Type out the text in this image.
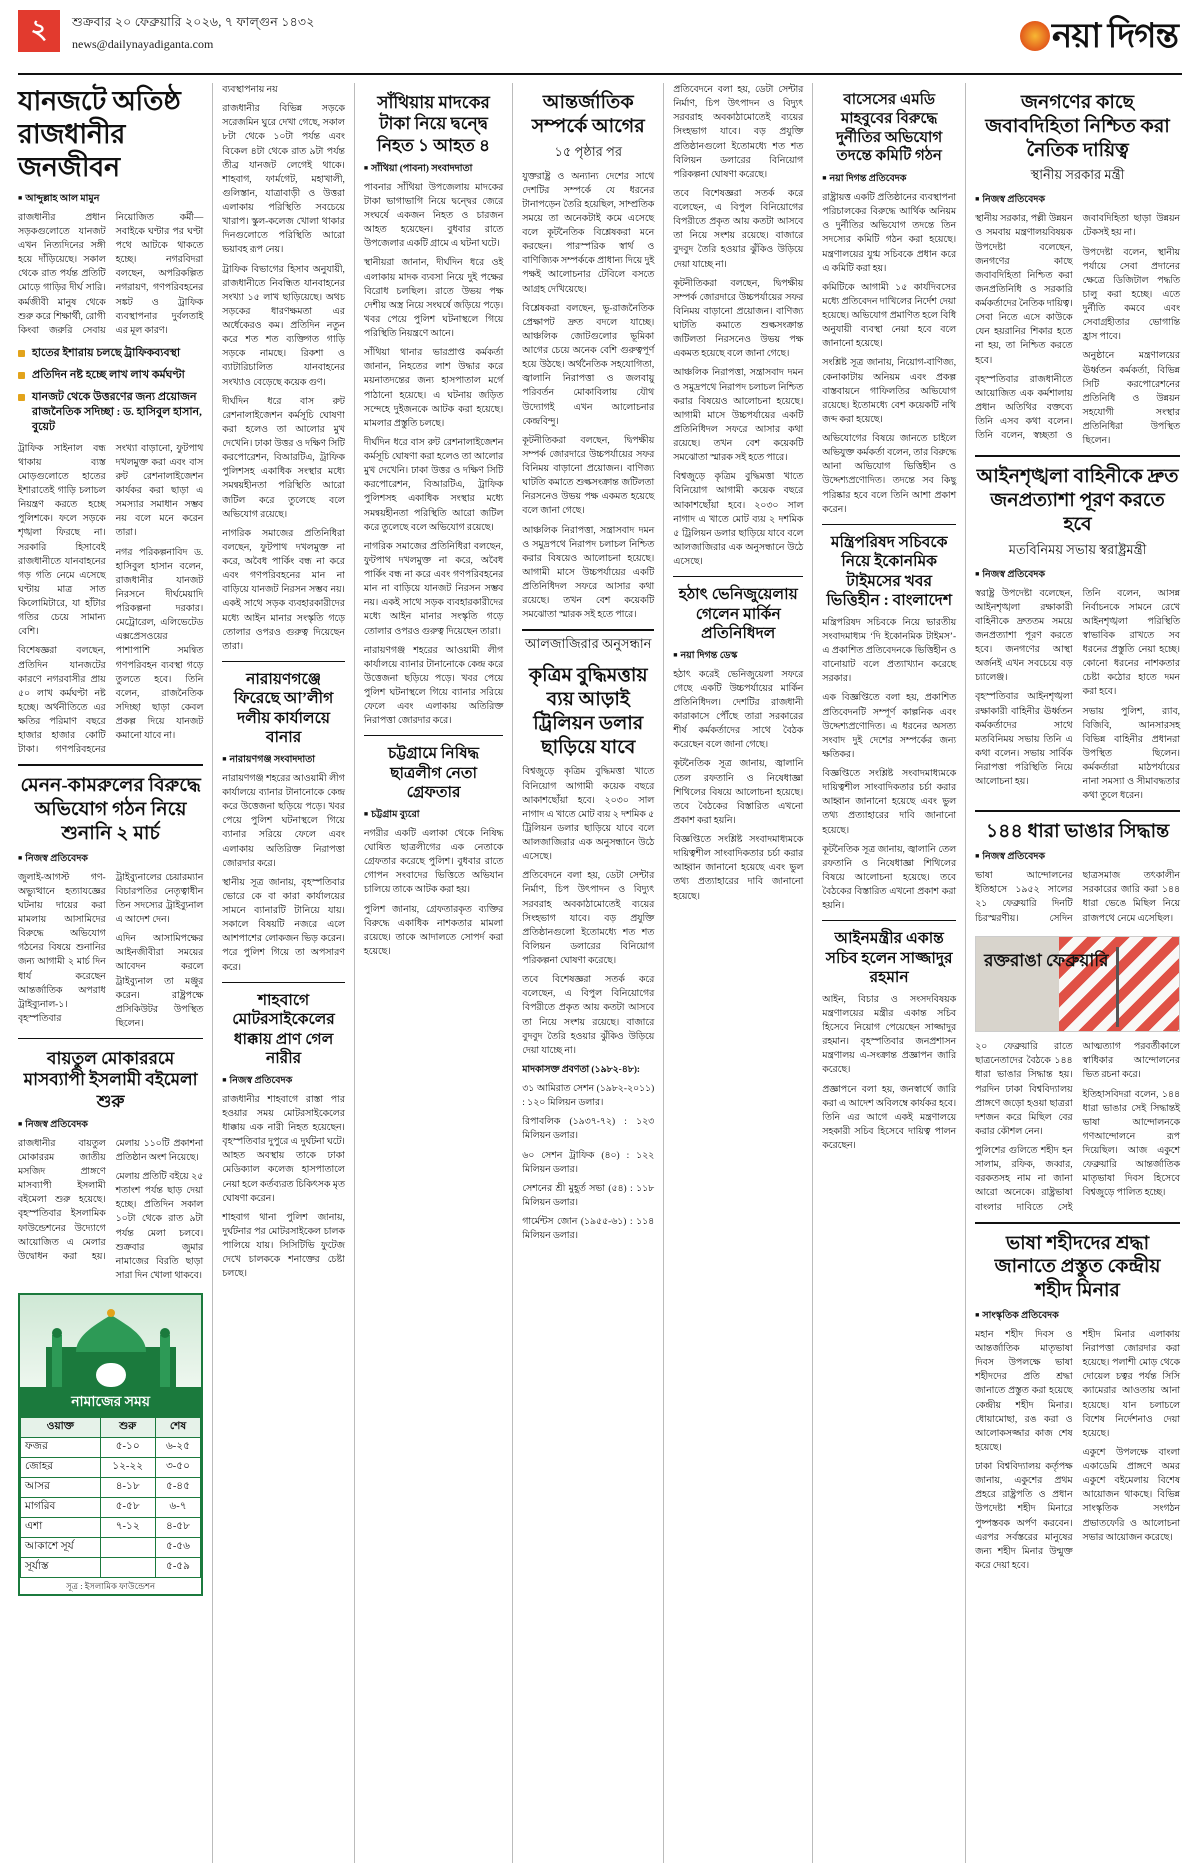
২	শুক্রবার ২০ ফেব্রুয়ারি ২০২৬, ৭ ফাল্গুন ১৪৩২
news@dailynayadiganta.com	নয়া দিগন্ত
যানজটে অতিষ্ঠ রাজধানীর জনজীবন
■ আব্দুল্লাহ আল মামুন

রাজধানীর প্রধান সড়কগুলোতে যানজট এখন নিত্যদিনের সঙ্গী হয়ে দাঁড়িয়েছে। সকাল থেকে রাত পর্যন্ত প্রতিটি মোড়ে গাড়ির দীর্ঘ সারি। কর্মজীবী মানুষ থেকে শুরু করে শিক্ষার্থী, রোগী কিংবা জরুরি সেবায় নিয়োজিত কর্মী—সবাইকে ঘণ্টার পর ঘণ্টা পথে আটকে থাকতে হচ্ছে। নগরবিদরা বলছেন, অপরিকল্পিত নগরায়ণ, গণপরিবহনের সঙ্কট ও ট্রাফিক ব্যবস্থাপনার দুর্বলতাই এর মূল কারণ।

হাতের ইশারায় চলছে ট্রাফিকব্যবস্থা
প্রতিদিন নষ্ট হচ্ছে লাখ লাখ কর্মঘণ্টা
যানজট থেকে উত্তরণের জন্য প্রয়োজন রাজনৈতিক সদিচ্ছা : ড. হাসিবুল হাসান, বুয়েট

ট্রাফিক সাইনাল বন্ধ থাকায় ব্যস্ত মোড়গুলোতে হাতের ইশারাতেই গাড়ি চলাচল নিয়ন্ত্রণ করতে হচ্ছে পুলিশকে। ফলে সড়কে শৃঙ্খলা ফিরছে না। সরকারি হিসাবেই রাজধানীতে যানবাহনের গড় গতি নেমে এসেছে ঘণ্টায় মাত্র সাত কিলোমিটারে, যা হাঁটার গতির চেয়ে সামান্য বেশি।

বিশেষজ্ঞরা বলছেন, প্রতিদিন যানজটের কারণে নগরবাসীর প্রায় ৫০ লাখ কর্মঘণ্টা নষ্ট হচ্ছে। অর্থনীতিতে এর ক্ষতির পরিমাণ বছরে হাজার হাজার কোটি টাকা। গণপরিবহনের সংখ্যা বাড়ানো, ফুটপাথ দখলমুক্ত করা এবং বাস রুট রেশনালাইজেশন কার্যকর করা ছাড়া এ সমস্যার সমাধান সম্ভব নয় বলে মনে করেন তারা।

নগর পরিকল্পনাবিদ ড. হাসিবুল হাসান বলেন, রাজধানীর যানজট নিরসনে দীর্ঘমেয়াদি পরিকল্পনা দরকার। মেট্রোরেল, এলিভেটেড এক্সপ্রেসওয়ের পাশাপাশি সমন্বিত গণপরিবহন ব্যবস্থা গড়ে তুলতে হবে। তিনি বলেন, রাজনৈতিক সদিচ্ছা ছাড়া কেবল প্রকল্প দিয়ে যানজট কমানো যাবে না।

মেনন-কামরুলের বিরুদ্ধে অভিযোগ গঠন নিয়ে শুনানি ২ মার্চ
■ নিজস্ব প্রতিবেদক

জুলাই-আগস্ট গণ-অভ্যুত্থানে হত্যাযজ্ঞের ঘটনায় দায়ের করা মামলায় আসামিদের বিরুদ্ধে অভিযোগ গঠনের বিষয়ে শুনানির জন্য আগামী ২ মার্চ দিন ধার্য করেছেন আন্তর্জাতিক অপরাধ ট্রাইব্যুনাল-১। বৃহস্পতিবার ট্রাইব্যুনালের চেয়ারম্যান বিচারপতির নেতৃত্বাধীন তিন সদস্যের ট্রাইব্যুনাল এ আদেশ দেন।

এদিন আসামিপক্ষের আইনজীবীরা সময়ের আবেদন করলে ট্রাইব্যুনাল তা মঞ্জুর করেন। রাষ্ট্রপক্ষে প্রসিকিউটর উপস্থিত ছিলেন।

বায়তুল মোকাররমে মাসব্যাপী ইসলামী বইমেলা শুরু
■ নিজস্ব প্রতিবেদক

রাজধানীর বায়তুল মোকাররম জাতীয় মসজিদ প্রাঙ্গণে মাসব্যাপী ইসলামী বইমেলা শুরু হয়েছে। বৃহস্পতিবার ইসলামিক ফাউন্ডেশনের উদ্যোগে আয়োজিত এ মেলার উদ্বোধন করা হয়। মেলায় ১১০টি প্রকাশনা প্রতিষ্ঠান অংশ নিয়েছে।

মেলায় প্রতিটি বইয়ে ২৫ শতাংশ পর্যন্ত ছাড় দেয়া হচ্ছে। প্রতিদিন সকাল ১০টা থেকে রাত ৯টা পর্যন্ত মেলা চলবে। শুক্রবার জুমার নামাজের বিরতি ছাড়া সারা দিন খোলা থাকবে।

নামাজের সময়
ওয়াক্ত	শুরু	শেষ
ফজর	৫-১০	৬-২৫
জোহর	১২-২২	৩-৫০
আসর	৪-১৮	৫-৪৫
মাগরিব	৫-৫৮	৬-৭
এশা	৭-১২	৪-৫৮
আকাশে সূর্য		৫-৫৬
সূর্যাস্ত		৫-৫৯
সূত্র : ইসলামিক ফাউন্ডেশন

ব্যবস্থাপনায় নয়

রাজধানীর বিভিন্ন সড়কে সরেজমিন ঘুরে দেখা গেছে, সকাল ৮টা থেকে ১০টা পর্যন্ত এবং বিকেল ৪টা থেকে রাত ৯টা পর্যন্ত তীব্র যানজট লেগেই থাকে। শাহবাগ, ফার্মগেট, মহাখালী, গুলিস্তান, যাত্রাবাড়ী ও উত্তরা এলাকায় পরিস্থিতি সবচেয়ে খারাপ। স্কুল-কলেজ খোলা থাকার দিনগুলোতে পরিস্থিতি আরো ভয়াবহ রূপ নেয়।

ট্রাফিক বিভাগের হিসাব অনুযায়ী, রাজধানীতে নিবন্ধিত যানবাহনের সংখ্যা ১৫ লাখ ছাড়িয়েছে। অথচ সড়কের ধারণক্ষমতা এর অর্ধেকেরও কম। প্রতিদিন নতুন করে শত শত ব্যক্তিগত গাড়ি সড়কে নামছে। রিকশা ও ব্যাটারিচালিত যানবাহনের সংখ্যাও বেড়েছে কয়েক গুণ।

দীর্ঘদিন ধরে বাস রুট রেশনালাইজেশন কর্মসূচি ঘোষণা করা হলেও তা আলোর মুখ দেখেনি। ঢাকা উত্তর ও দক্ষিণ সিটি করপোরেশন, বিআরটিএ, ট্রাফিক পুলিশসহ একাধিক সংস্থার মধ্যে সমন্বয়হীনতা পরিস্থিতি আরো জটিল করে তুলেছে বলে অভিযোগ রয়েছে।

নাগরিক সমাজের প্রতিনিধিরা বলছেন, ফুটপাথ দখলমুক্ত না করে, অবৈধ পার্কিং বন্ধ না করে এবং গণপরিবহনের মান না বাড়িয়ে যানজট নিরসন সম্ভব নয়। একই সাথে সড়ক ব্যবহারকারীদের মধ্যে আইন মানার সংস্কৃতি গড়ে তোলার ওপরও গুরুত্ব দিয়েছেন তারা।

নারায়ণগঞ্জে ফিরেছে আ’লীগ দলীয় কার্যালয়ে বানার
■ নারায়ণগঞ্জ সংবাদদাতা

নারায়ণগঞ্জ শহরের আওয়ামী লীগ কার্যালয়ে ব্যানার টানানোকে কেন্দ্র করে উত্তেজনা ছড়িয়ে পড়ে। খবর পেয়ে পুলিশ ঘটনাস্থলে গিয়ে ব্যানার সরিয়ে ফেলে এবং এলাকায় অতিরিক্ত নিরাপত্তা জোরদার করে।

স্থানীয় সূত্র জানায়, বৃহস্পতিবার ভোরে কে বা কারা কার্যালয়ের সামনে ব্যানারটি টানিয়ে যায়। সকালে বিষয়টি নজরে এলে আশপাশের লোকজন ভিড় করেন। পরে পুলিশ গিয়ে তা অপসারণ করে।

শাহবাগে মোটরসাইকেলের ধাক্কায় প্রাণ গেল নারীর
■ নিজস্ব প্রতিবেদক

রাজধানীর শাহবাগে রাস্তা পার হওয়ার সময় মোটরসাইকেলের ধাক্কায় এক নারী নিহত হয়েছেন। বৃহস্পতিবার দুপুরে এ দুর্ঘটনা ঘটে। আহত অবস্থায় তাকে ঢাকা মেডিক্যাল কলেজ হাসপাতালে নেয়া হলে কর্তব্যরত চিকিৎসক মৃত ঘোষণা করেন।

শাহবাগ থানা পুলিশ জানায়, দুর্ঘটনার পর মোটরসাইকেল চালক পালিয়ে যায়। সিসিটিভি ফুটেজ দেখে চালককে শনাক্তের চেষ্টা চলছে।

সাঁথিয়ায় মাদকের টাকা নিয়ে দ্বন্দ্বে নিহত ১ আহত ৪
■ সাঁথিয়া (পাবনা) সংবাদদাতা

পাবনার সাঁথিয়া উপজেলায় মাদকের টাকা ভাগাভাগি নিয়ে দ্বন্দ্বের জেরে সংঘর্ষে একজন নিহত ও চারজন আহত হয়েছেন। বুধবার রাতে উপজেলার একটি গ্রামে এ ঘটনা ঘটে।

স্থানীয়রা জানান, দীর্ঘদিন ধরে ওই এলাকায় মাদক ব্যবসা নিয়ে দুই পক্ষের বিরোধ চলছিল। রাতে উভয় পক্ষ দেশীয় অস্ত্র নিয়ে সংঘর্ষে জড়িয়ে পড়ে। খবর পেয়ে পুলিশ ঘটনাস্থলে গিয়ে পরিস্থিতি নিয়ন্ত্রণে আনে।

সাঁথিয়া থানার ভারপ্রাপ্ত কর্মকর্তা জানান, নিহতের লাশ উদ্ধার করে ময়নাতদন্তের জন্য হাসপাতাল মর্গে পাঠানো হয়েছে। এ ঘটনায় জড়িত সন্দেহে দুইজনকে আটক করা হয়েছে। মামলার প্রস্তুতি চলছে।

দীর্ঘদিন ধরে বাস রুট রেশনালাইজেশন কর্মসূচি ঘোষণা করা হলেও তা আলোর মুখ দেখেনি। ঢাকা উত্তর ও দক্ষিণ সিটি করপোরেশন, বিআরটিএ, ট্রাফিক পুলিশসহ একাধিক সংস্থার মধ্যে সমন্বয়হীনতা পরিস্থিতি আরো জটিল করে তুলেছে বলে অভিযোগ রয়েছে।

নাগরিক সমাজের প্রতিনিধিরা বলছেন, ফুটপাথ দখলমুক্ত না করে, অবৈধ পার্কিং বন্ধ না করে এবং গণপরিবহনের মান না বাড়িয়ে যানজট নিরসন সম্ভব নয়। একই সাথে সড়ক ব্যবহারকারীদের মধ্যে আইন মানার সংস্কৃতি গড়ে তোলার ওপরও গুরুত্ব দিয়েছেন তারা।

নারায়ণগঞ্জ শহরের আওয়ামী লীগ কার্যালয়ে ব্যানার টানানোকে কেন্দ্র করে উত্তেজনা ছড়িয়ে পড়ে। খবর পেয়ে পুলিশ ঘটনাস্থলে গিয়ে ব্যানার সরিয়ে ফেলে এবং এলাকায় অতিরিক্ত নিরাপত্তা জোরদার করে।

চট্টগ্রামে নিষিদ্ধ ছাত্রলীগ নেতা গ্রেফতার
■ চট্টগ্রাম ব্যুরো

নগরীর একটি এলাকা থেকে নিষিদ্ধ ঘোষিত ছাত্রলীগের এক নেতাকে গ্রেফতার করেছে পুলিশ। বুধবার রাতে গোপন সংবাদের ভিত্তিতে অভিযান চালিয়ে তাকে আটক করা হয়।

পুলিশ জানায়, গ্রেফতারকৃত ব্যক্তির বিরুদ্ধে একাধিক নাশকতার মামলা রয়েছে। তাকে আদালতে সোপর্দ করা হয়েছে।

আন্তর্জাতিক সম্পর্কে আগের
১৫ পৃষ্ঠার পর

যুক্তরাষ্ট্র ও অন্যান্য দেশের সাথে দেশটির সম্পর্কে যে ধরনের টানাপড়েন তৈরি হয়েছিল, সাম্প্রতিক সময়ে তা অনেকটাই কমে এসেছে বলে কূটনৈতিক বিশ্লেষকরা মনে করছেন। পারস্পরিক স্বার্থ ও বাণিজ্যিক সম্পর্ককে প্রাধান্য দিয়ে দুই পক্ষই আলোচনার টেবিলে বসতে আগ্রহ দেখিয়েছে।

বিশ্লেষকরা বলছেন, ভূ-রাজনৈতিক প্রেক্ষাপট দ্রুত বদলে যাচ্ছে। আঞ্চলিক জোটগুলোর ভূমিকা আগের চেয়ে অনেক বেশি গুরুত্বপূর্ণ হয়ে উঠছে। অর্থনৈতিক সহযোগিতা, জ্বালানি নিরাপত্তা ও জলবায়ু পরিবর্তন মোকাবিলায় যৌথ উদ্যোগই এখন আলোচনার কেন্দ্রবিন্দু।

কূটনীতিকরা বলছেন, দ্বিপক্ষীয় সম্পর্ক জোরদারে উচ্চপর্যায়ের সফর বিনিময় বাড়ানো প্রয়োজন। বাণিজ্য ঘাটতি কমাতে শুল্কসংক্রান্ত জটিলতা নিরসনেও উভয় পক্ষ একমত হয়েছে বলে জানা গেছে।

আঞ্চলিক নিরাপত্তা, সন্ত্রাসবাদ দমন ও সমুদ্রপথে নিরাপদ চলাচল নিশ্চিত করার বিষয়েও আলোচনা হয়েছে। আগামী মাসে উচ্চপর্যায়ের একটি প্রতিনিধিদল সফরে আসার কথা রয়েছে। তখন বেশ কয়েকটি সমঝোতা স্মারক সই হতে পারে।

আলজাজিরার অনুসন্ধান
কৃত্রিম বুদ্ধিমত্তায় ব্যয় আড়াই ট্রিলিয়ন ডলার ছাড়িয়ে যাবে

বিশ্বজুড়ে কৃত্রিম বুদ্ধিমত্তা খাতে বিনিয়োগ আগামী কয়েক বছরে আকাশছোঁয়া হবে। ২০৩০ সাল নাগাদ এ খাতে মোট ব্যয় ২ দশমিক ৫ ট্রিলিয়ন ডলার ছাড়িয়ে যাবে বলে আলজাজিরার এক অনুসন্ধানে উঠে এসেছে।

প্রতিবেদনে বলা হয়, ডেটা সেন্টার নির্মাণ, চিপ উৎপাদন ও বিদ্যুৎ সরবরাহ অবকাঠামোতেই ব্যয়ের সিংহভাগ যাবে। বড় প্রযুক্তি প্রতিষ্ঠানগুলো ইতোমধ্যে শত শত বিলিয়ন ডলারের বিনিয়োগ পরিকল্পনা ঘোষণা করেছে।

তবে বিশেষজ্ঞরা সতর্ক করে বলেছেন, এ বিপুল বিনিয়োগের বিপরীতে প্রকৃত আয় কতটা আসবে তা নিয়ে সংশয় রয়েছে। বাজারে বুদবুদ তৈরি হওয়ার ঝুঁকিও উড়িয়ে দেয়া যাচ্ছে না।

মাদকাসক্ত প্রবণতা (১৯৮২-৪৮):

৩১ আমিরাত সেশন (১৯৮২-২০১১) : ১২০ মিলিয়ন ডলার।

রিপাবলিক (১৯৩৭-৭২) : ১২৩ মিলিয়ন ডলার।

৬০ সেশন ট্রাফিক (৪০) : ১২২ মিলিয়ন ডলার।

সেশনের শ্রী মুহূর্ত সভা (৫৪) : ১১৮ মিলিয়ন ডলার।

গার্মেন্টস জোন (১৯৫৫-৬১) : ১১৪ মিলিয়ন ডলার।

প্রতিবেদনে বলা হয়, ডেটা সেন্টার নির্মাণ, চিপ উৎপাদন ও বিদ্যুৎ সরবরাহ অবকাঠামোতেই ব্যয়ের সিংহভাগ যাবে। বড় প্রযুক্তি প্রতিষ্ঠানগুলো ইতোমধ্যে শত শত বিলিয়ন ডলারের বিনিয়োগ পরিকল্পনা ঘোষণা করেছে।

তবে বিশেষজ্ঞরা সতর্ক করে বলেছেন, এ বিপুল বিনিয়োগের বিপরীতে প্রকৃত আয় কতটা আসবে তা নিয়ে সংশয় রয়েছে। বাজারে বুদবুদ তৈরি হওয়ার ঝুঁকিও উড়িয়ে দেয়া যাচ্ছে না।

কূটনীতিকরা বলছেন, দ্বিপক্ষীয় সম্পর্ক জোরদারে উচ্চপর্যায়ের সফর বিনিময় বাড়ানো প্রয়োজন। বাণিজ্য ঘাটতি কমাতে শুল্কসংক্রান্ত জটিলতা নিরসনেও উভয় পক্ষ একমত হয়েছে বলে জানা গেছে।

আঞ্চলিক নিরাপত্তা, সন্ত্রাসবাদ দমন ও সমুদ্রপথে নিরাপদ চলাচল নিশ্চিত করার বিষয়েও আলোচনা হয়েছে। আগামী মাসে উচ্চপর্যায়ের একটি প্রতিনিধিদল সফরে আসার কথা রয়েছে। তখন বেশ কয়েকটি সমঝোতা স্মারক সই হতে পারে।

বিশ্বজুড়ে কৃত্রিম বুদ্ধিমত্তা খাতে বিনিয়োগ আগামী কয়েক বছরে আকাশছোঁয়া হবে। ২০৩০ সাল নাগাদ এ খাতে মোট ব্যয় ২ দশমিক ৫ ট্রিলিয়ন ডলার ছাড়িয়ে যাবে বলে আলজাজিরার এক অনুসন্ধানে উঠে এসেছে।

হঠাৎ ভেনিজুয়েলায় গেলেন মার্কিন প্রতিনিধিদল
■ নয়া দিগন্ত ডেস্ক

হঠাৎ করেই ভেনিজুয়েলা সফরে গেছে একটি উচ্চপর্যায়ের মার্কিন প্রতিনিধিদল। দেশটির রাজধানী কারাকাসে পৌঁছে তারা সরকারের শীর্ষ কর্মকর্তাদের সাথে বৈঠক করেছেন বলে জানা গেছে।

কূটনৈতিক সূত্র জানায়, জ্বালানি তেল রফতানি ও নিষেধাজ্ঞা শিথিলের বিষয়ে আলোচনা হয়েছে। তবে বৈঠকের বিস্তারিত এখনো প্রকাশ করা হয়নি।

বিজ্ঞপ্তিতে সংশ্লিষ্ট সংবাদমাধ্যমকে দায়িত্বশীল সাংবাদিকতার চর্চা করার আহ্বান জানানো হয়েছে এবং ভুল তথ্য প্রত্যাহারের দাবি জানানো হয়েছে।

বাসেসের এমডি মাহবুবের বিরুদ্ধে দুর্নীতির অভিযোগ তদন্তে কমিটি গঠন
■ নয়া দিগন্ত প্রতিবেদক

রাষ্ট্রায়ত্ত একটি প্রতিষ্ঠানের ব্যবস্থাপনা পরিচালকের বিরুদ্ধে আর্থিক অনিয়ম ও দুর্নীতির অভিযোগ তদন্তে তিন সদস্যের কমিটি গঠন করা হয়েছে। মন্ত্রণালয়ের যুগ্ম সচিবকে প্রধান করে এ কমিটি করা হয়।

কমিটিকে আগামী ১৫ কার্যদিবসের মধ্যে প্রতিবেদন দাখিলের নির্দেশ দেয়া হয়েছে। অভিযোগ প্রমাণিত হলে বিধি অনুযায়ী ব্যবস্থা নেয়া হবে বলে জানানো হয়েছে।

সংশ্লিষ্ট সূত্র জানায়, নিয়োগ-বাণিজ্য, কেনাকাটায় অনিয়ম এবং প্রকল্প বাস্তবায়নে গাফিলতির অভিযোগ রয়েছে। ইতোমধ্যে বেশ কয়েকটি নথি জব্দ করা হয়েছে।

অভিযোগের বিষয়ে জানতে চাইলে অভিযুক্ত কর্মকর্তা বলেন, তার বিরুদ্ধে আনা অভিযোগ ভিত্তিহীন ও উদ্দেশ্যপ্রণোদিত। তদন্তে সব কিছু পরিষ্কার হবে বলে তিনি আশা প্রকাশ করেন।

মন্ত্রিপরিষদ সচিবকে নিয়ে ইকোনমিক টাইমসের খবর ভিত্তিহীন : বাংলাদেশ

মন্ত্রিপরিষদ সচিবকে নিয়ে ভারতীয় সংবাদমাধ্যম ‘দি ইকোনমিক টাইমস’-এ প্রকাশিত প্রতিবেদনকে ভিত্তিহীন ও বানোয়াট বলে প্রত্যাখ্যান করেছে সরকার।

এক বিজ্ঞপ্তিতে বলা হয়, প্রকাশিত প্রতিবেদনটি সম্পূর্ণ কাল্পনিক এবং উদ্দেশ্যপ্রণোদিত। এ ধরনের অসত্য সংবাদ দুই দেশের সম্পর্কের জন্য ক্ষতিকর।

বিজ্ঞপ্তিতে সংশ্লিষ্ট সংবাদমাধ্যমকে দায়িত্বশীল সাংবাদিকতার চর্চা করার আহ্বান জানানো হয়েছে এবং ভুল তথ্য প্রত্যাহারের দাবি জানানো হয়েছে।

কূটনৈতিক সূত্র জানায়, জ্বালানি তেল রফতানি ও নিষেধাজ্ঞা শিথিলের বিষয়ে আলোচনা হয়েছে। তবে বৈঠকের বিস্তারিত এখনো প্রকাশ করা হয়নি।

আইনমন্ত্রীর একান্ত সচিব হলেন সাজ্জাদুর রহমান

আইন, বিচার ও সংসদবিষয়ক মন্ত্রণালয়ের মন্ত্রীর একান্ত সচিব হিসেবে নিয়োগ পেয়েছেন সাজ্জাদুর রহমান। বৃহস্পতিবার জনপ্রশাসন মন্ত্রণালয় এ-সংক্রান্ত প্রজ্ঞাপন জারি করেছে।

প্রজ্ঞাপনে বলা হয়, জনস্বার্থে জারি করা এ আদেশ অবিলম্বে কার্যকর হবে। তিনি এর আগে একই মন্ত্রণালয়ে সহকারী সচিব হিসেবে দায়িত্ব পালন করেছেন।

জনগণের কাছে জবাবদিহিতা নিশ্চিত করা নৈতিক দায়িত্ব
স্থানীয় সরকার মন্ত্রী
■ নিজস্ব প্রতিবেদক

স্থানীয় সরকার, পল্লী উন্নয়ন ও সমবায় মন্ত্রণালয়বিষয়ক উপদেষ্টা বলেছেন, জনগণের কাছে জবাবদিহিতা নিশ্চিত করা জনপ্রতিনিধি ও সরকারি কর্মকর্তাদের নৈতিক দায়িত্ব। সেবা নিতে এসে কাউকে যেন হয়রানির শিকার হতে না হয়, তা নিশ্চিত করতে হবে।

বৃহস্পতিবার রাজধানীতে আয়োজিত এক কর্মশালায় প্রধান অতিথির বক্তব্যে তিনি এসব কথা বলেন। তিনি বলেন, স্বচ্ছতা ও জবাবদিহিতা ছাড়া উন্নয়ন টেকসই হয় না।

উপদেষ্টা বলেন, স্থানীয় পর্যায়ে সেবা প্রদানের ক্ষেত্রে ডিজিটাল পদ্ধতি চালু করা হচ্ছে। এতে দুর্নীতি কমবে এবং সেবাগ্রহীতার ভোগান্তি হ্রাস পাবে।

অনুষ্ঠানে মন্ত্রণালয়ের ঊর্ধ্বতন কর্মকর্তা, বিভিন্ন সিটি করপোরেশনের প্রতিনিধি ও উন্নয়ন সহযোগী সংস্থার প্রতিনিধিরা উপস্থিত ছিলেন।

আইনশৃঙ্খলা বাহিনীকে দ্রুত জনপ্রত্যাশা পূরণ করতে হবে
মতবিনিময় সভায় স্বরাষ্ট্রমন্ত্রী
■ নিজস্ব প্রতিবেদক

স্বরাষ্ট্র উপদেষ্টা বলেছেন, আইনশৃঙ্খলা রক্ষাকারী বাহিনীকে দ্রুততম সময়ে জনপ্রত্যাশা পূরণ করতে হবে। জনগণের আস্থা অর্জনই এখন সবচেয়ে বড় চ্যালেঞ্জ।

বৃহস্পতিবার আইনশৃঙ্খলা রক্ষাকারী বাহিনীর ঊর্ধ্বতন কর্মকর্তাদের সাথে মতবিনিময় সভায় তিনি এ কথা বলেন। সভায় সার্বিক নিরাপত্তা পরিস্থিতি নিয়ে আলোচনা হয়।

তিনি বলেন, আসন্ন নির্বাচনকে সামনে রেখে আইনশৃঙ্খলা পরিস্থিতি স্বাভাবিক রাখতে সব ধরনের প্রস্তুতি নেয়া হচ্ছে। কোনো ধরনের নাশকতার চেষ্টা কঠোর হাতে দমন করা হবে।

সভায় পুলিশ, র‌্যাব, বিজিবি, আনসারসহ বিভিন্ন বাহিনীর প্রধানরা উপস্থিত ছিলেন। কর্মকর্তারা মাঠপর্যায়ের নানা সমস্যা ও সীমাবদ্ধতার কথা তুলে ধরেন।

১৪৪ ধারা ভাঙার সিদ্ধান্ত
■ নিজস্ব প্রতিবেদক

ভাষা আন্দোলনের ইতিহাসে ১৯৫২ সালের ২১ ফেব্রুয়ারি দিনটি চিরস্মরণীয়। সেদিন ছাত্রসমাজ তৎকালীন সরকারের জারি করা ১৪৪ ধারা ভেঙে মিছিল নিয়ে রাজপথে নেমে এসেছিল।

রক্তরাঙা ফেব্রুয়ারি

২০ ফেব্রুয়ারি রাতে ছাত্রনেতাদের বৈঠকে ১৪৪ ধারা ভাঙার সিদ্ধান্ত হয়। পরদিন ঢাকা বিশ্ববিদ্যালয় প্রাঙ্গণে জড়ো হওয়া ছাত্ররা দশজন করে মিছিল বের করার কৌশল নেন।

পুলিশের গুলিতে শহীদ হন সালাম, রফিক, জব্বার, বরকতসহ নাম না জানা আরো অনেকে। রাষ্ট্রভাষা বাংলার দাবিতে সেই আত্মত্যাগ পরবর্তীকালে স্বাধিকার আন্দোলনের ভিত রচনা করে।

ইতিহাসবিদরা বলেন, ১৪৪ ধারা ভাঙার সেই সিদ্ধান্তই ভাষা আন্দোলনকে গণআন্দোলনে রূপ দিয়েছিল। আজ একুশে ফেব্রুয়ারি আন্তর্জাতিক মাতৃভাষা দিবস হিসেবে বিশ্বজুড়ে পালিত হচ্ছে।

ভাষা শহীদদের শ্রদ্ধা জানাতে প্রস্তুত কেন্দ্রীয় শহীদ মিনার
■ সাংস্কৃতিক প্রতিবেদক

মহান শহীদ দিবস ও আন্তর্জাতিক মাতৃভাষা দিবস উপলক্ষে ভাষা শহীদদের প্রতি শ্রদ্ধা জানাতে প্রস্তুত করা হয়েছে কেন্দ্রীয় শহীদ মিনার। ধোয়ামোছা, রঙ করা ও আলোকসজ্জার কাজ শেষ হয়েছে।

ঢাকা বিশ্ববিদ্যালয় কর্তৃপক্ষ জানায়, একুশের প্রথম প্রহরে রাষ্ট্রপতি ও প্রধান উপদেষ্টা শহীদ মিনারে পুষ্পস্তবক অর্পণ করবেন। এরপর সর্বস্তরের মানুষের জন্য শহীদ মিনার উন্মুক্ত করে দেয়া হবে।

শহীদ মিনার এলাকায় নিরাপত্তা জোরদার করা হয়েছে। পলাশী মোড় থেকে দোয়েল চত্বর পর্যন্ত সিসি ক্যামেরার আওতায় আনা হয়েছে। যান চলাচলে বিশেষ নির্দেশনাও দেয়া হয়েছে।

একুশে উপলক্ষে বাংলা একাডেমি প্রাঙ্গণে অমর একুশে বইমেলায় বিশেষ আয়োজন থাকছে। বিভিন্ন সাংস্কৃতিক সংগঠন প্রভাতফেরি ও আলোচনা সভার আয়োজন করেছে।
